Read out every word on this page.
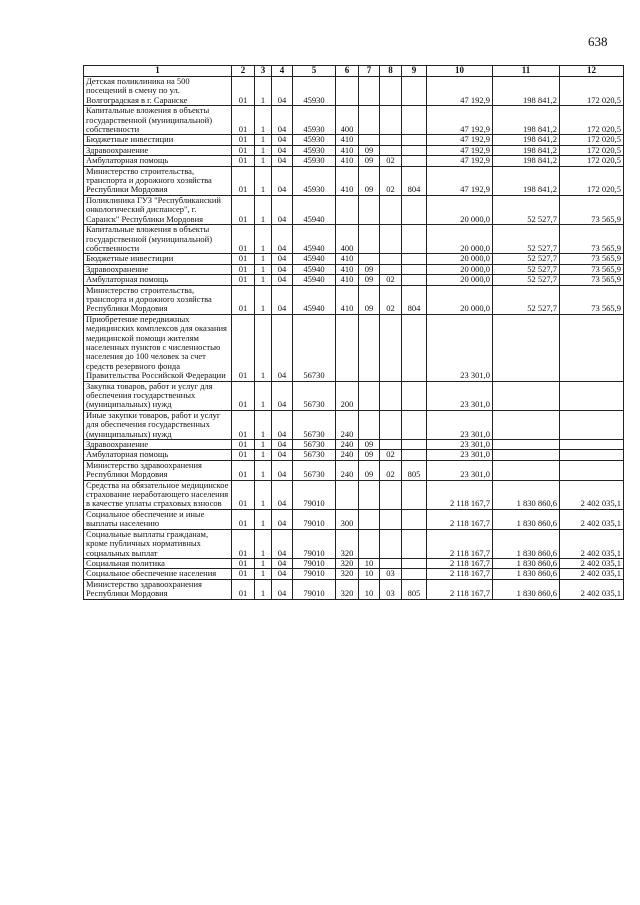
638
1	2	3	4	5	6	7	8	9	10	11	12
Детская поликлиника на 500 посещений в смену по ул. Волгоградская в г. Саранске	01	1	04	45930					47 192,9	198 841,2	172 020,5
Капитальные вложения в объекты государственной (муниципальной) собственности	01	1	04	45930	400				47 192,9	198 841,2	172 020,5
Бюджетные инвестиции	01	1	04	45930	410				47 192,9	198 841,2	172 020,5
Здравоохранение	01	1	04	45930	410	09			47 192,9	198 841,2	172 020,5
Амбулаторная помощь	01	1	04	45930	410	09	02		47 192,9	198 841,2	172 020,5
Министерство строительства, транспорта и дорожного хозяйства Республики Мордовия	01	1	04	45930	410	09	02	804	47 192,9	198 841,2	172 020,5
Поликлиника ГУЗ "Республиканский онкологический диспансер", г. Саранск" Республики Мордовия	01	1	04	45940					20 000,0	52 527,7	73 565,9
Капитальные вложения в объекты государственной (муниципальной) собственности	01	1	04	45940	400				20 000,0	52 527,7	73 565,9
Бюджетные инвестиции	01	1	04	45940	410				20 000,0	52 527,7	73 565,9
Здравоохранение	01	1	04	45940	410	09			20 000,0	52 527,7	73 565,9
Амбулаторная помощь	01	1	04	45940	410	09	02		20 000,0	52 527,7	73 565,9
Министерство строительства, транспорта и дорожного хозяйства Республики Мордовия	01	1	04	45940	410	09	02	804	20 000,0	52 527,7	73 565,9
Приобретение передвижных медицинских комплексов для оказания медицинской помощи жителям населенных пунктов с численностью населения до 100 человек за счет средств резервного фонда Правительства Российской Федерации	01	1	04	56730					23 301,0		
Закупка товаров, работ и услуг для обеспечения государственных (муниципальных) нужд	01	1	04	56730	200				23 301,0		
Иные закупки товаров, работ и услуг для обеспечения государственных (муниципальных) нужд	01	1	04	56730	240				23 301,0		
Здравоохранение	01	1	04	56730	240	09			23 301,0		
Амбулаторная помощь	01	1	04	56730	240	09	02		23 301,0		
Министерство здравоохранения Республики Мордовия	01	1	04	56730	240	09	02	805	23 301,0		
Средства на обязательное медицинское страхование неработающего населения в качестве уплаты страховых взносов	01	1	04	79010					2 118 167,7	1 830 860,6	2 402 035,1
Социальное обеспечение и иные выплаты населению	01	1	04	79010	300				2 118 167,7	1 830 860,6	2 402 035,1
Социальные выплаты гражданам, кроме публичных нормативных социальных выплат	01	1	04	79010	320				2 118 167,7	1 830 860,6	2 402 035,1
Социальная политика	01	1	04	79010	320	10			2 118 167,7	1 830 860,6	2 402 035,1
Социальное обеспечение населения	01	1	04	79010	320	10	03		2 118 167,7	1 830 860,6	2 402 035,1
Министерство здравоохранения Республики Мордовия	01	1	04	79010	320	10	03	805	2 118 167,7	1 830 860,6	2 402 035,1
